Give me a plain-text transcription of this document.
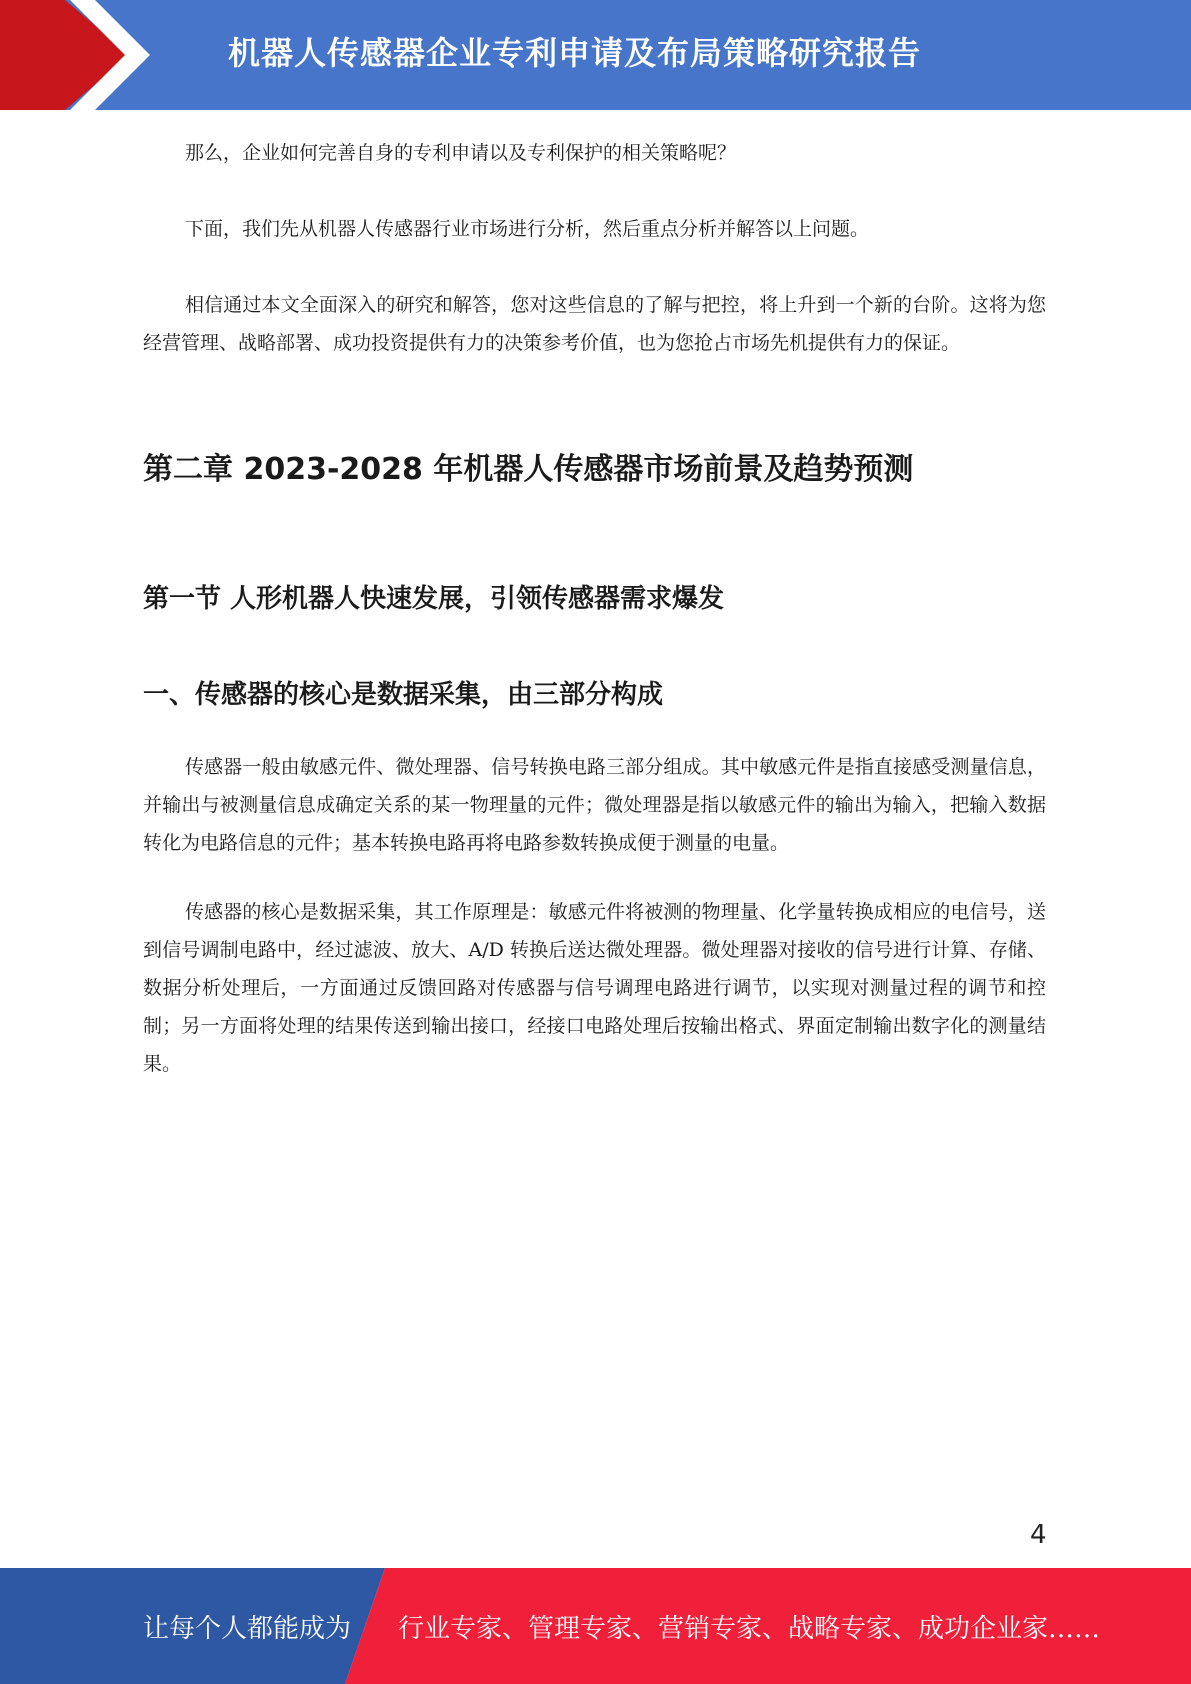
机器人传感器企业专利申请及布局策略研究报告

那么，企业如何完善自身的专利申请以及专利保护的相关策略呢？

下面，我们先从机器人传感器行业市场进行分析，然后重点分析并解答以上问题。

相信通过本文全面深入的研究和解答，您对这些信息的了解与把控，将上升到一个新的台阶。这将为您经营管理、战略部署、成功投资提供有力的决策参考价值，也为您抢占市场先机提供有力的保证。

第二章 2023-2028 年机器人传感器市场前景及趋势预测
第一节 人形机器人快速发展，引领传感器需求爆发
一、传感器的核心是数据采集，由三部分构成

传感器一般由敏感元件、微处理器、信号转换电路三部分组成。其中敏感元件是指直接感受测量信息，并输出与被测量信息成确定关系的某一物理量的元件；微处理器是指以敏感元件的输出为输入，把输入数据转化为电路信息的元件；基本转换电路再将电路参数转换成便于测量的电量。

传感器的核心是数据采集，其工作原理是：敏感元件将被测的物理量、化学量转换成相应的电信号，送到信号调制电路中，经过滤波、放大、A/D 转换后送达微处理器。微处理器对接收的信号进行计算、存储、数据分析处理后，一方面通过反馈回路对传感器与信号调理电路进行调节，以实现对测量过程的调节和控制；另一方面将处理的结果传送到输出接口，经接口电路处理后按输出格式、界面定制输出数字化的测量结果。

4
让每个人都能成为 行业专家、管理专家、营销专家、战略专家、成功企业家……
